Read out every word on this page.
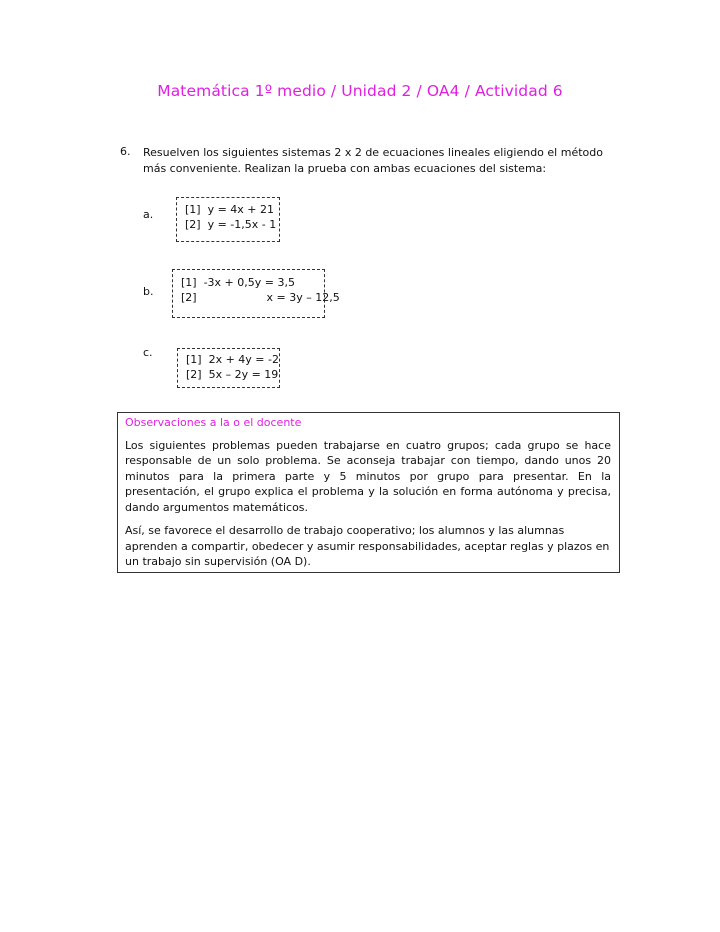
Matemática 1º medio / Unidad 2 / OA4 / Actividad 6
6. Resuelven los siguientes sistemas 2 x 2 de ecuaciones lineales eligiendo el método más conveniente. Realizan la prueba con ambas ecuaciones del sistema:
a.	[1]  y = 4x + 21
[2]  y = -1,5x - 1
b.
[1]  -3x + 0,5y = 3,5
[2]                    x = 3y – 12,5
c.
[1]  2x + 4y = -2
[2]  5x – 2y = 19
Observaciones a la o el docente

Los siguientes problemas pueden trabajarse en cuatro grupos; cada grupo se hace responsable de un solo problema. Se aconseja trabajar con tiempo, dando unos 20 minutos para la primera parte y 5 minutos por grupo para presentar. En la presentación, el grupo explica el problema y la solución en forma autónoma y precisa, dando argumentos matemáticos.

Así, se favorece el desarrollo de trabajo cooperativo; los alumnos y las alumnas aprenden a compartir, obedecer y asumir responsabilidades, aceptar reglas y plazos en un trabajo sin supervisión (OA D).
